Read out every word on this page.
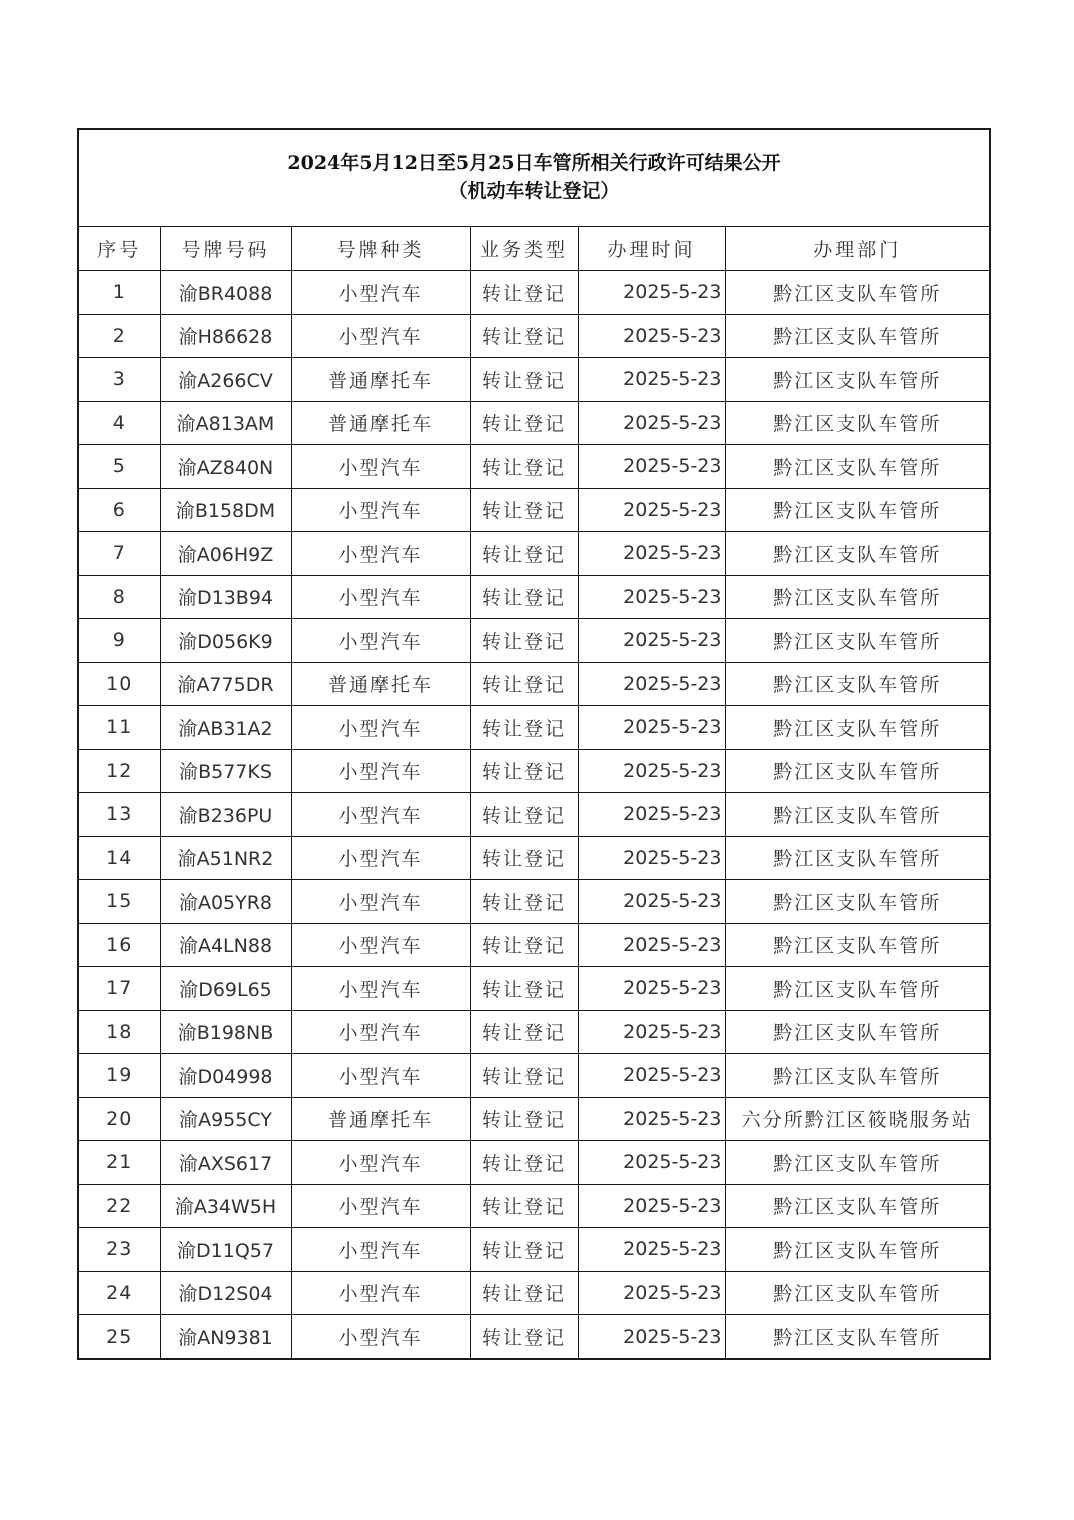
2024年5月12日至5月25日车管所相关行政许可结果公开
（机动车转让登记）
序号	号牌号码	号牌种类	业务类型	办理时间	办理部门
1	渝BR4088	小型汽车	转让登记	2025-5-23	黔江区支队车管所
2	渝H86628	小型汽车	转让登记	2025-5-23	黔江区支队车管所
3	渝A266CV	普通摩托车	转让登记	2025-5-23	黔江区支队车管所
4	渝A813AM	普通摩托车	转让登记	2025-5-23	黔江区支队车管所
5	渝AZ840N	小型汽车	转让登记	2025-5-23	黔江区支队车管所
6	渝B158DM	小型汽车	转让登记	2025-5-23	黔江区支队车管所
7	渝A06H9Z	小型汽车	转让登记	2025-5-23	黔江区支队车管所
8	渝D13B94	小型汽车	转让登记	2025-5-23	黔江区支队车管所
9	渝D056K9	小型汽车	转让登记	2025-5-23	黔江区支队车管所
10	渝A775DR	普通摩托车	转让登记	2025-5-23	黔江区支队车管所
11	渝AB31A2	小型汽车	转让登记	2025-5-23	黔江区支队车管所
12	渝B577KS	小型汽车	转让登记	2025-5-23	黔江区支队车管所
13	渝B236PU	小型汽车	转让登记	2025-5-23	黔江区支队车管所
14	渝A51NR2	小型汽车	转让登记	2025-5-23	黔江区支队车管所
15	渝A05YR8	小型汽车	转让登记	2025-5-23	黔江区支队车管所
16	渝A4LN88	小型汽车	转让登记	2025-5-23	黔江区支队车管所
17	渝D69L65	小型汽车	转让登记	2025-5-23	黔江区支队车管所
18	渝B198NB	小型汽车	转让登记	2025-5-23	黔江区支队车管所
19	渝D04998	小型汽车	转让登记	2025-5-23	黔江区支队车管所
20	渝A955CY	普通摩托车	转让登记	2025-5-23	六分所黔江区筱晓服务站
21	渝AXS617	小型汽车	转让登记	2025-5-23	黔江区支队车管所
22	渝A34W5H	小型汽车	转让登记	2025-5-23	黔江区支队车管所
23	渝D11Q57	小型汽车	转让登记	2025-5-23	黔江区支队车管所
24	渝D12S04	小型汽车	转让登记	2025-5-23	黔江区支队车管所
25	渝AN9381	小型汽车	转让登记	2025-5-23	黔江区支队车管所
